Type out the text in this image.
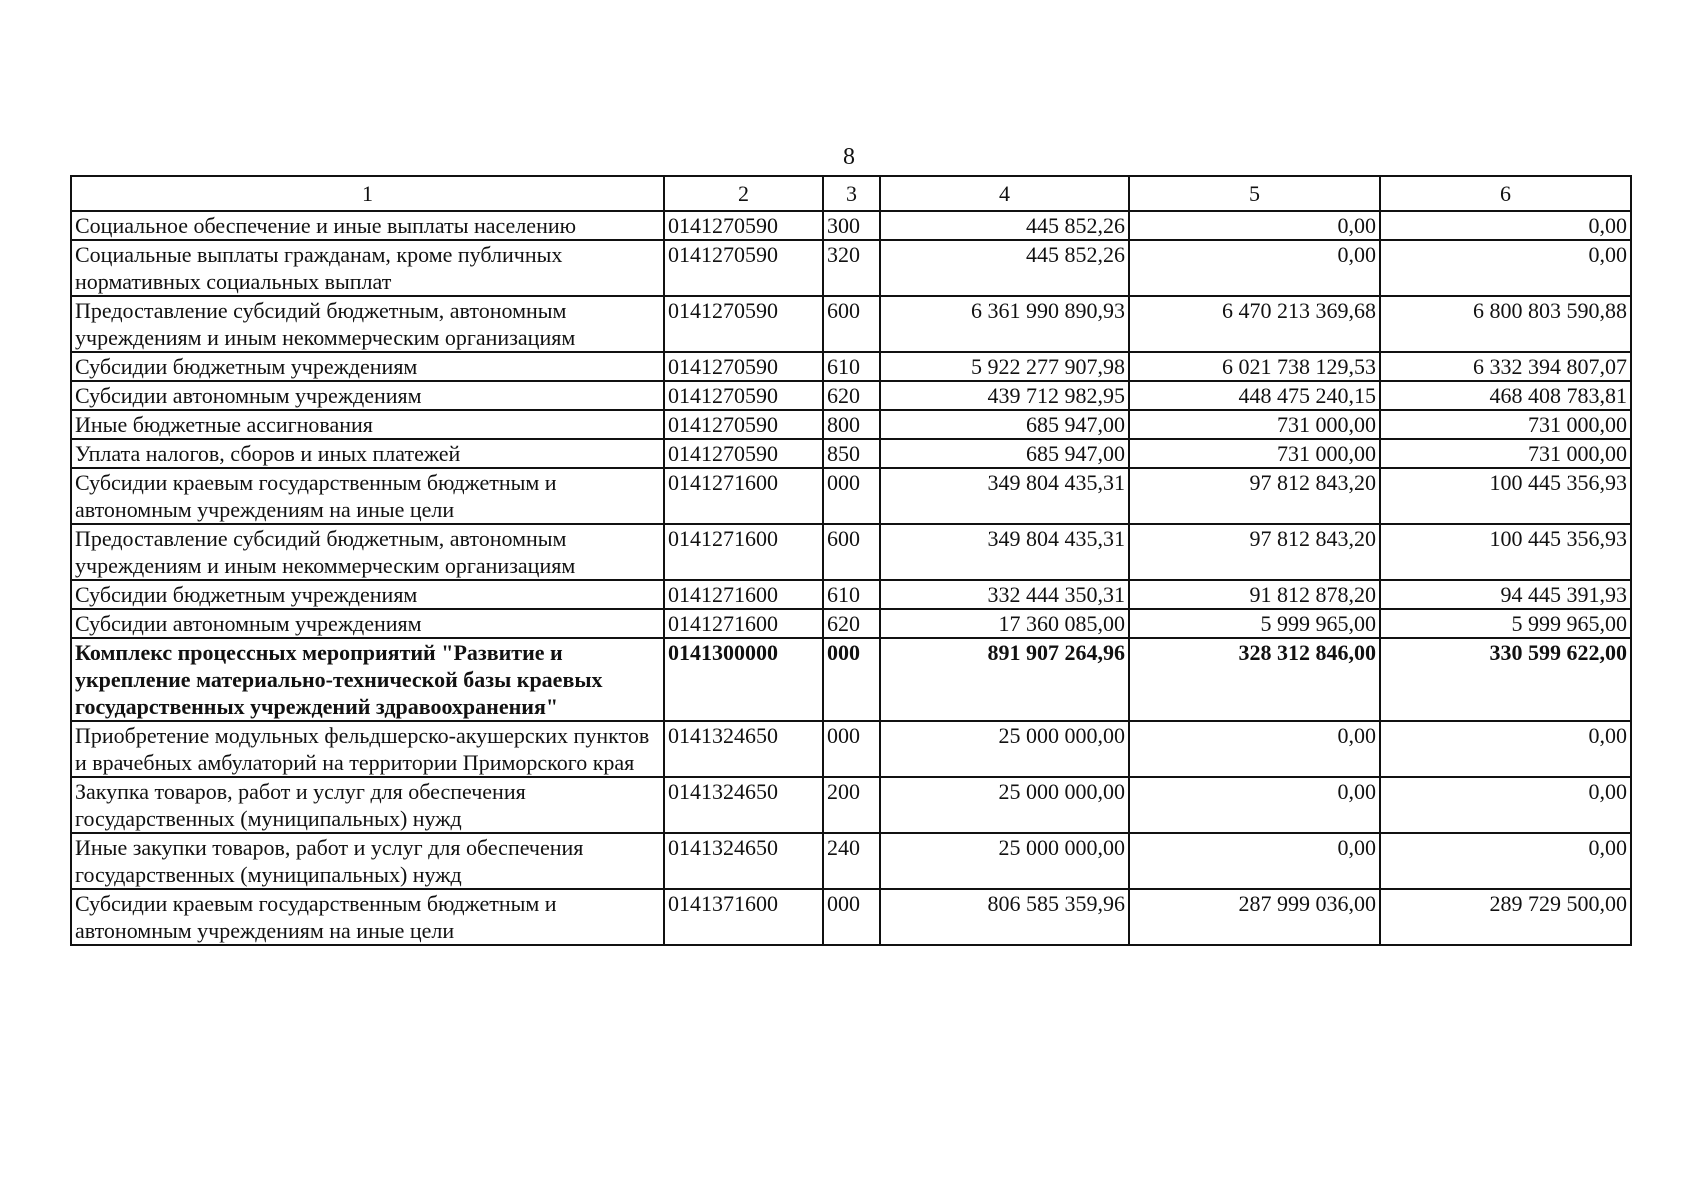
8
1	2	3	4	5	6
Социальное обеспечение и иные выплаты населению	0141270590	300	445 852,26	0,00	0,00
Социальные выплаты гражданам, кроме публичных нормативных социальных выплат	0141270590	320	445 852,26	0,00	0,00
Предоставление субсидий бюджетным, автономным учреждениям и иным некоммерческим организациям	0141270590	600	6 361 990 890,93	6 470 213 369,68	6 800 803 590,88
Субсидии бюджетным учреждениям	0141270590	610	5 922 277 907,98	6 021 738 129,53	6 332 394 807,07
Субсидии автономным учреждениям	0141270590	620	439 712 982,95	448 475 240,15	468 408 783,81
Иные бюджетные ассигнования	0141270590	800	685 947,00	731 000,00	731 000,00
Уплата налогов, сборов и иных платежей	0141270590	850	685 947,00	731 000,00	731 000,00
Субсидии краевым государственным бюджетным и автономным учреждениям на иные цели	0141271600	000	349 804 435,31	97 812 843,20	100 445 356,93
Предоставление субсидий бюджетным, автономным учреждениям и иным некоммерческим организациям	0141271600	600	349 804 435,31	97 812 843,20	100 445 356,93
Субсидии бюджетным учреждениям	0141271600	610	332 444 350,31	91 812 878,20	94 445 391,93
Субсидии автономным учреждениям	0141271600	620	17 360 085,00	5 999 965,00	5 999 965,00
Комплекс процессных мероприятий "Развитие и укрепление материально-технической базы краевых государственных учреждений здравоохранения"	0141300000	000	891 907 264,96	328 312 846,00	330 599 622,00
Приобретение модульных фельдшерско-акушерских пунктов и врачебных амбулаторий на территории Приморского края	0141324650	000	25 000 000,00	0,00	0,00
Закупка товаров, работ и услуг для обеспечения государственных (муниципальных) нужд	0141324650	200	25 000 000,00	0,00	0,00
Иные закупки товаров, работ и услуг для обеспечения государственных (муниципальных) нужд	0141324650	240	25 000 000,00	0,00	0,00
Субсидии краевым государственным бюджетным и автономным учреждениям на иные цели	0141371600	000	806 585 359,96	287 999 036,00	289 729 500,00
